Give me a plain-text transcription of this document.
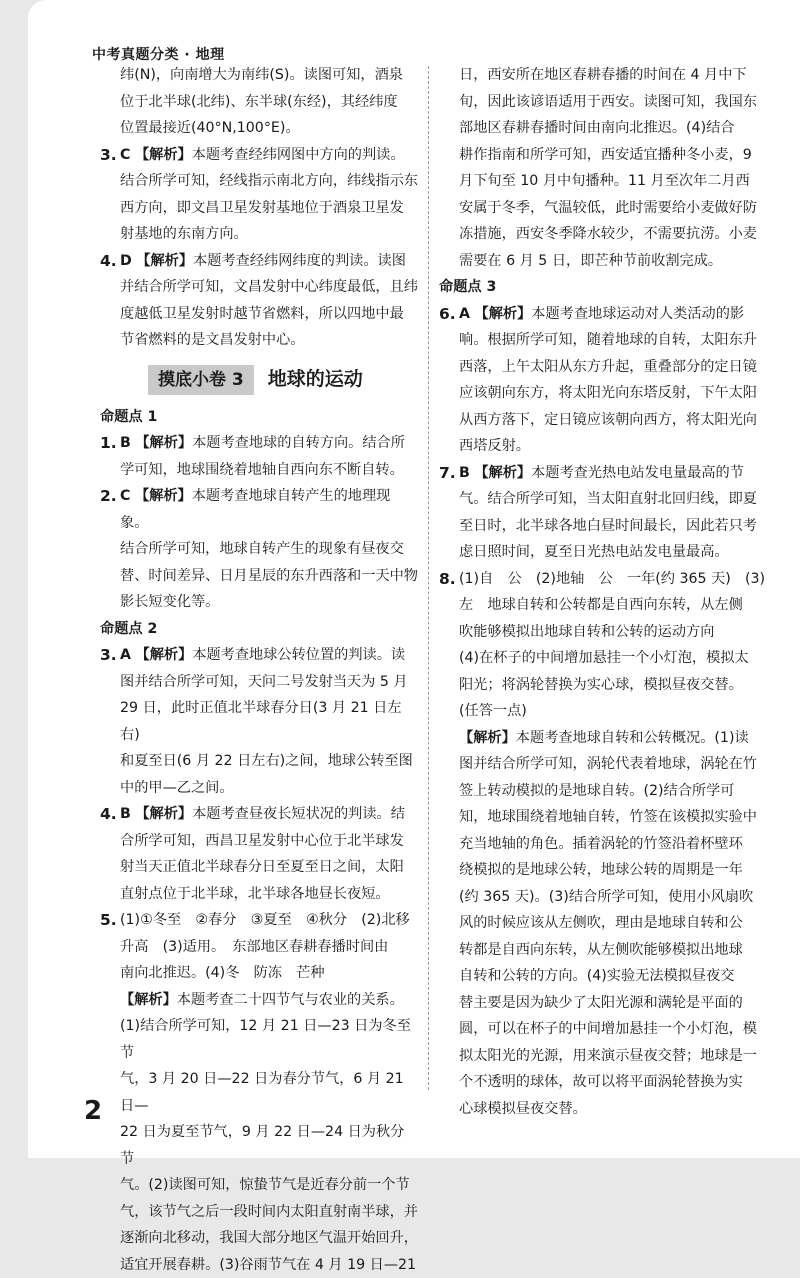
中考真题分类 · 地理

纬(N)，向南增大为南纬(S)。读图可知，酒泉

位于北半球(北纬)、东半球(东经)，其经纬度

位置最接近(40°N,100°E)。

3. C 【解析】本题考查经纬网图中方向的判读。

结合所学可知，经线指示南北方向，纬线指示东

西方向，即文昌卫星发射基地位于酒泉卫星发

射基地的东南方向。

4. D 【解析】本题考查经纬网纬度的判读。读图

并结合所学可知，文昌发射中心纬度最低，且纬

度越低卫星发射时越节省燃料，所以四地中最

节省燃料的是文昌发射中心。

摸底小卷 3	地球的运动

命题点 1

1. B 【解析】本题考查地球的自转方向。结合所

学可知，地球围绕着地轴自西向东不断自转。

2. C 【解析】本题考查地球自转产生的地理现象。

结合所学可知，地球自转产生的现象有昼夜交

替、时间差异、日月星辰的东升西落和一天中物

影长短变化等。

命题点 2

3. A 【解析】本题考查地球公转位置的判读。读

图并结合所学可知，天问二号发射当天为 5 月

29 日，此时正值北半球春分日(3 月 21 日左右)

和夏至日(6 月 22 日左右)之间，地球公转至图

中的甲—乙之间。

4. B 【解析】本题考查昼夜长短状况的判读。结

合所学可知，西昌卫星发射中心位于北半球发

射当天正值北半球春分日至夏至日之间，太阳

直射点位于北半球，北半球各地昼长夜短。

5. (1)①冬至　②春分　③夏至　④秋分　(2)北移

升高　(3)适用。　东部地区春耕春播时间由

南向北推迟。(4)冬　防冻　芒种

【解析】本题考查二十四节气与农业的关系。

(1)结合所学可知，12 月 21 日—23 日为冬至节

气，3 月 20 日—22 日为春分节气，6 月 21 日—

22 日为夏至节气，9 月 22 日—24 日为秋分节

气。(2)读图可知，惊蛰节气是近春分前一个节

气，该节气之后一段时间内太阳直射南半球，并

逐渐向北移动，我国大部分地区气温开始回升，

适宜开展春耕。(3)谷雨节气在 4 月 19 日—21

日，西安所在地区春耕春播的时间在 4 月中下

旬，因此该谚语适用于西安。读图可知，我国东

部地区春耕春播时间由南向北推迟。(4)结合

耕作指南和所学可知，西安适宜播种冬小麦，9

月下旬至 10 月中旬播种。11 月至次年二月西

安属于冬季，气温较低，此时需要给小麦做好防

冻措施，西安冬季降水较少，不需要抗涝。小麦

需要在 6 月 5 日，即芒种节前收割完成。

命题点 3

6. A 【解析】本题考查地球运动对人类活动的影

响。根据所学可知，随着地球的自转，太阳东升

西落，上午太阳从东方升起，重叠部分的定日镜

应该朝向东方，将太阳光向东塔反射，下午太阳

从西方落下，定日镜应该朝向西方，将太阳光向

西塔反射。

7. B 【解析】本题考查光热电站发电量最高的节

气。结合所学可知，当太阳直射北回归线，即夏

至日时，北半球各地白昼时间最长，因此若只考

虑日照时间，夏至日光热电站发电量最高。

8. (1)自　公　(2)地轴　公　一年(约 365 天)　(3)

左　地球自转和公转都是自西向东转，从左侧

吹能够模拟出地球自转和公转的运动方向

(4)在杯子的中间增加悬挂一个小灯泡，模拟太

阳光；将涡轮替换为实心球，模拟昼夜交替。

(任答一点)

【解析】本题考查地球自转和公转概况。(1)读

图并结合所学可知，涡轮代表着地球，涡轮在竹

签上转动模拟的是地球自转。(2)结合所学可

知，地球围绕着地轴自转，竹签在该模拟实验中

充当地轴的角色。插着涡轮的竹签沿着杯壁环

绕模拟的是地球公转，地球公转的周期是一年

(约 365 天)。(3)结合所学可知，使用小风扇吹

风的时候应该从左侧吹，理由是地球自转和公

转都是自西向东转，从左侧吹能够模拟出地球

自转和公转的方向。(4)实验无法模拟昼夜交

替主要是因为缺少了太阳光源和满轮是平面的

圆，可以在杯子的中间增加悬挂一个小灯泡，模

拟太阳光的光源，用来演示昼夜交替；地球是一

个不透明的球体，故可以将平面涡轮替换为实

心球模拟昼夜交替。

2
